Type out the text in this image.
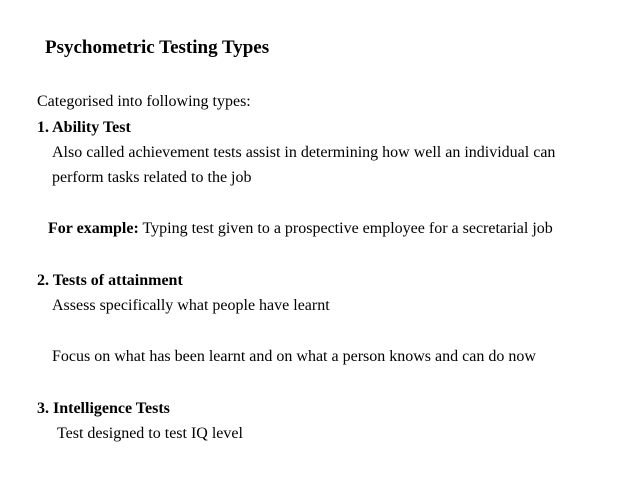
Psychometric Testing Types
Categorised into following types:
1. Ability Test
Also called achievement tests assist in determining how well an individual can
perform tasks related to the job
For example: Typing test given to a prospective employee for a secretarial job
2. Tests of attainment
Assess specifically what people have learnt
Focus on what has been learnt and on what a person knows and can do now
3. Intelligence Tests
Test designed to test IQ level
